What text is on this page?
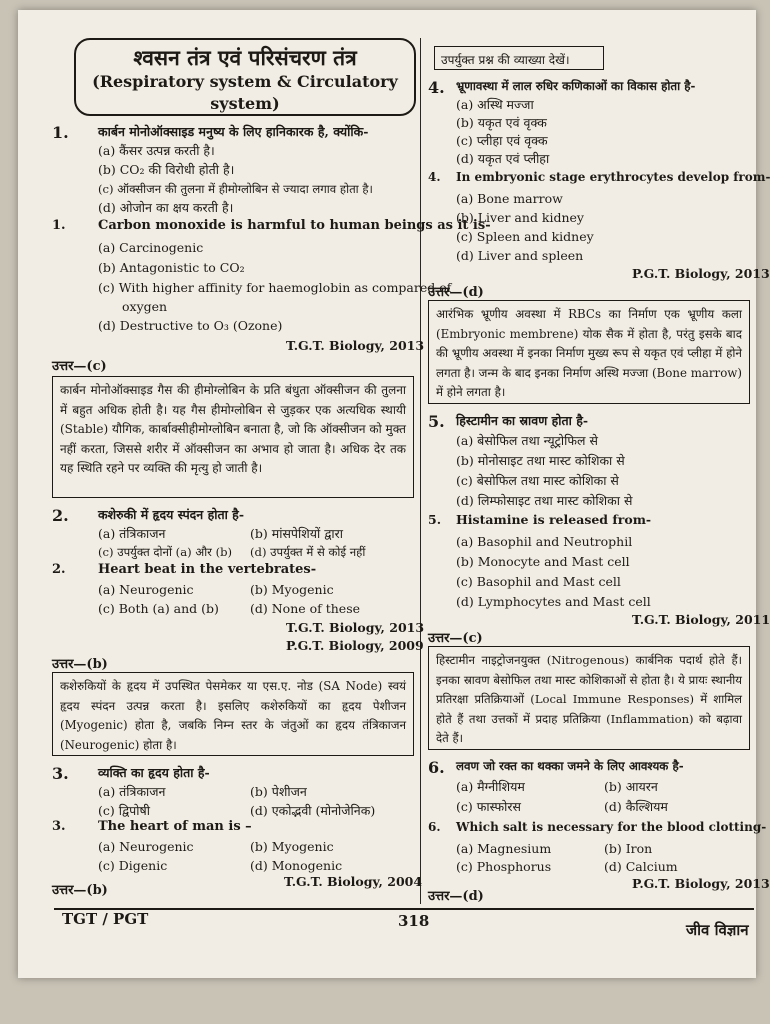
श्वसन तंत्र एवं परिसंचरण तंत्र
(Respiratory system & Circulatory system)
1. कार्बन मोनोऑक्साइड मनुष्य के लिए हानिकारक है, क्योंकि-
(a) कैंसर उत्पन्न करती है।
(b) CO₂ की विरोधी होती है।
(c) ऑक्सीजन की तुलना में हीमोग्लोबिन से ज्यादा लगाव होता है।
(d) ओजोन का क्षय करती है।
1. Carbon monoxide is harmful to human beings as it is-
(a) Carcinogenic
(b) Antagonistic to CO₂
(c) With higher affinity for haemoglobin as compared of
oxygen
(d) Destructive to O₃ (Ozone)
T.G.T. Biology, 2013
उत्तर—(c)
कार्बन मोनोऑक्साइड गैस की हीमोग्लोबिन के प्रति बंधुता ऑक्सीजन की तुलना में बहुत अधिक होती है। यह गैस हीमोग्लोबिन से जुड़कर एक अत्यधिक स्थायी (Stable) यौगिक, कार्बाक्सीहीमोग्लोबिन बनाता है, जो कि ऑक्सीजन को मुक्त नहीं करता, जिससे शरीर में ऑक्सीजन का अभाव हो जाता है। अधिक देर तक यह स्थिति रहने पर व्यक्ति की मृत्यु हो जाती है।
2. कशेरुकी में हृदय स्पंदन होता है-
(a) तंत्रिकाजन	(b) मांसपेशियों द्वारा
(c) उपर्युक्त दोनों (a) और (b) (d) उपर्युक्त में से कोई नहीं
2. Heart beat in the vertebrates-
(a) Neurogenic	(b) Myogenic
(c) Both (a) and (b) (d) None of these
T.G.T. Biology, 2013
P.G.T. Biology, 2009
उत्तर—(b)
कशेरुकियों के हृदय में उपस्थित पेसमेकर या एस.ए. नोड (SA Node) स्वयं हृदय स्पंदन उत्पन्न करता है। इसलिए कशेरुकियों का हृदय पेशीजन (Myogenic) होता है, जबकि निम्न स्तर के जंतुओं का हृदय तंत्रिकाजन (Neurogenic) होता है।
3. व्यक्ति का हृदय होता है-
(a) तंत्रिकाजन	(b) पेशीजन
(c) द्विपोषी	(d) एकोद्भवी (मोनोजेनिक)
3. The heart of man is –
(a) Neurogenic	(b) Myogenic
(c) Digenic	(d) Monogenic
T.G.T. Biology, 2004
उत्तर—(b)
उपर्युक्त प्रश्न की व्याख्या देखें।
4. भ्रूणावस्था में लाल रुधिर कणिकाओं का विकास होता है-
(a) अस्थि मज्जा
(b) यकृत एवं वृक्क
(c) प्लीहा एवं वृक्क
(d) यकृत एवं प्लीहा
4. In embryonic stage erythrocytes develop from-
(a) Bone marrow
(b) Liver and kidney
(c) Spleen and kidney
(d) Liver and spleen
P.G.T. Biology, 2013
उत्तर—(d)
आरंभिक भ्रूणीय अवस्था में RBCs का निर्माण एक भ्रूणीय कला (Embryonic membrene) योक सैक में होता है, परंतु इसके बाद की भ्रूणीय अवस्था में इनका निर्माण मुख्य रूप से यकृत एवं प्लीहा में होने लगता है। जन्म के बाद इनका निर्माण अस्थि मज्जा (Bone marrow) में होने लगता है।
5. हिस्टामीन का स्रावण होता है-
(a) बेसोफिल तथा न्यूट्रोफिल से
(b) मोनोसाइट तथा मास्ट कोशिका से
(c) बेसोफिल तथा मास्ट कोशिका से
(d) लिम्फोसाइट तथा मास्ट कोशिका से
5. Histamine is released from-
(a) Basophil and Neutrophil
(b) Monocyte and Mast cell
(c) Basophil and Mast cell
(d) Lymphocytes and Mast cell
T.G.T. Biology, 2011
उत्तर—(c)
हिस्टामीन नाइट्रोजनयुक्त (Nitrogenous) कार्बनिक पदार्थ होते हैं। इनका स्रावण बेसोफिल तथा मास्ट कोशिकाओं से होता है। ये प्रायः स्थानीय प्रतिरक्षा प्रतिक्रियाओं (Local Immune Responses) में शामिल होते हैं तथा उत्तकों में प्रदाह प्रतिक्रिया (Inflammation) को बढ़ावा देते हैं।
6. लवण जो रक्त का थक्का जमने के लिए आवश्यक है-
(a) मैग्नीशियम	(b) आयरन
(c) फास्फोरस	(d) कैल्शियम
6. Which salt is necessary for the blood clotting-
(a) Magnesium	(b) Iron
(c) Phosphorus	(d) Calcium
P.G.T. Biology, 2013
उत्तर—(d)
TGT / PGT	318	जीव विज्ञान
